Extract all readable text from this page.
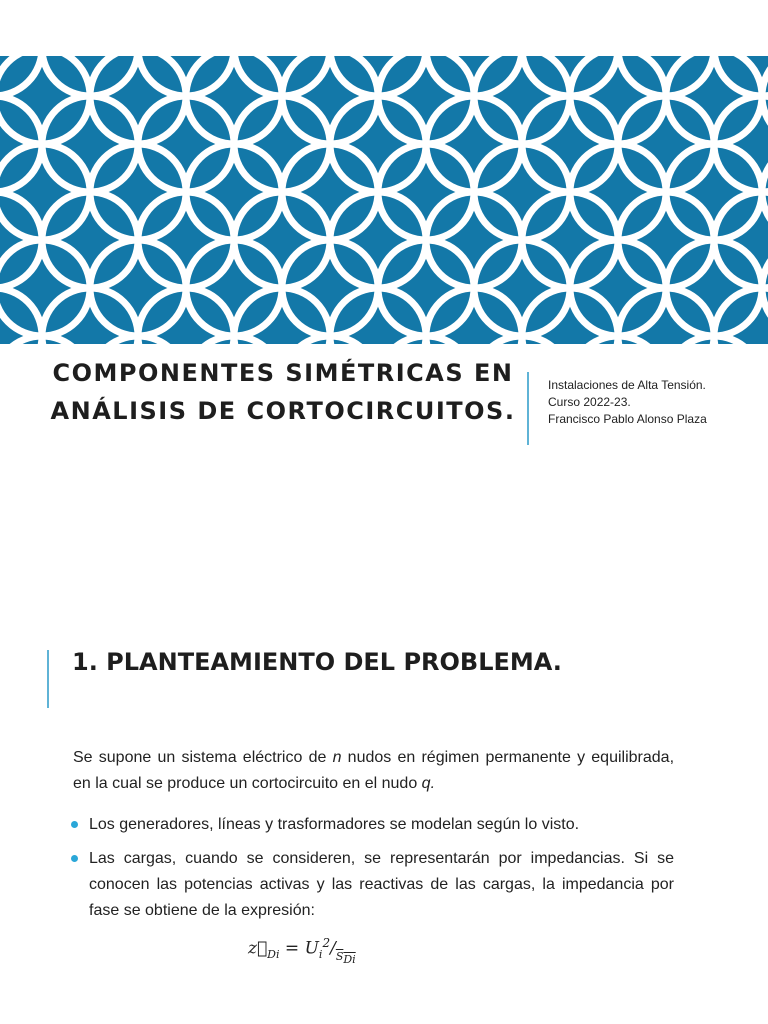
COMPONENTES SIMÉTRICAS EN
ANÁLISIS DE CORTOCIRCUITOS.
Instalaciones de Alta Tensión.
Curso 2022-23.
Francisco Pablo Alonso Plaza
1. PLANTEAMIENTO DEL PROBLEMA.

Se supone un sistema eléctrico de n nudos en régimen permanente y equilibrada, en la cual se produce un cortocircuito en el nudo q.

Los generadores, líneas y trasformadores se modelan según lo visto.
Las cargas, cuando se consideren, se representarán por impedancias. Si se conocen las potencias activas y las reactivas de las cargas, la impedancia por fase se obtiene de la expresión:
$z⃗_{Di} = U_i^2/_{S_{Di}}$
